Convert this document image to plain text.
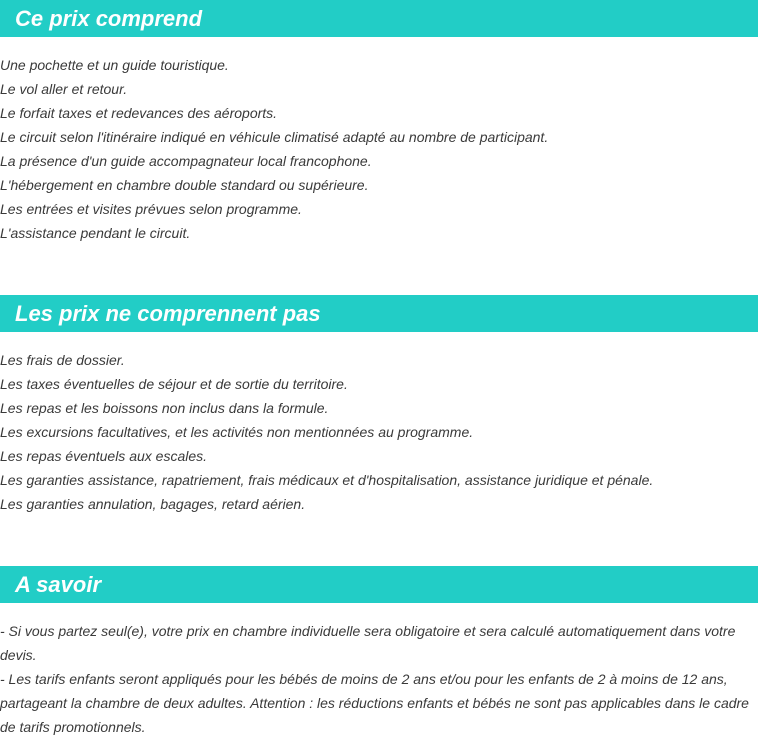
Ce prix comprend
Une pochette et un guide touristique.
Le vol aller et retour.
Le forfait taxes et redevances des aéroports.
Le circuit selon l'itinéraire indiqué en véhicule climatisé adapté au nombre de participant.
La présence d'un guide accompagnateur local francophone.
L'hébergement en chambre double standard ou supérieure.
Les entrées et visites prévues selon programme.
L'assistance pendant le circuit.
Les prix ne comprennent pas
Les frais de dossier.
Les taxes éventuelles de séjour et de sortie du territoire.
Les repas et les boissons non inclus dans la formule.
Les excursions facultatives, et les activités non mentionnées au programme.
Les repas éventuels aux escales.
Les garanties assistance, rapatriement, frais médicaux et d'hospitalisation, assistance juridique et pénale.
Les garanties annulation, bagages, retard aérien.
A savoir

- Si vous partez seul(e), votre prix en chambre individuelle sera obligatoire et sera calculé automatiquement dans votre devis.

- Les tarifs enfants seront appliqués pour les bébés de moins de 2 ans et/ou pour les enfants de 2 à moins de 12 ans, partageant la chambre de deux adultes. Attention : les réductions enfants et bébés ne sont pas applicables dans le cadre de tarifs promotionnels.
